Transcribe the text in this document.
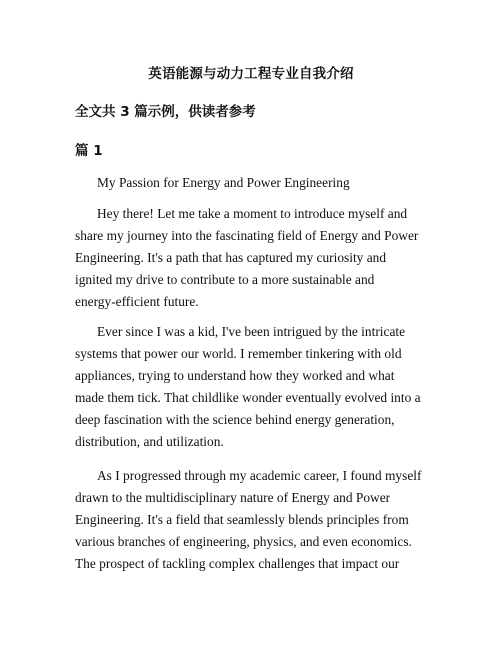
英语能源与动力工程专业自我介绍
全文共 3 篇示例，供读者参考
篇 1

My Passion for Energy and Power Engineering

Hey there! Let me take a moment to introduce myself and
share my journey into the fascinating field of Energy and Power
Engineering. It's a path that has captured my curiosity and
ignited my drive to contribute to a more sustainable and
energy-efficient future.

Ever since I was a kid, I've been intrigued by the intricate
systems that power our world. I remember tinkering with old
appliances, trying to understand how they worked and what
made them tick. That childlike wonder eventually evolved into a
deep fascination with the science behind energy generation,
distribution, and utilization.

As I progressed through my academic career, I found myself
drawn to the multidisciplinary nature of Energy and Power
Engineering. It's a field that seamlessly blends principles from
various branches of engineering, physics, and even economics.
The prospect of tackling complex challenges that impact our
